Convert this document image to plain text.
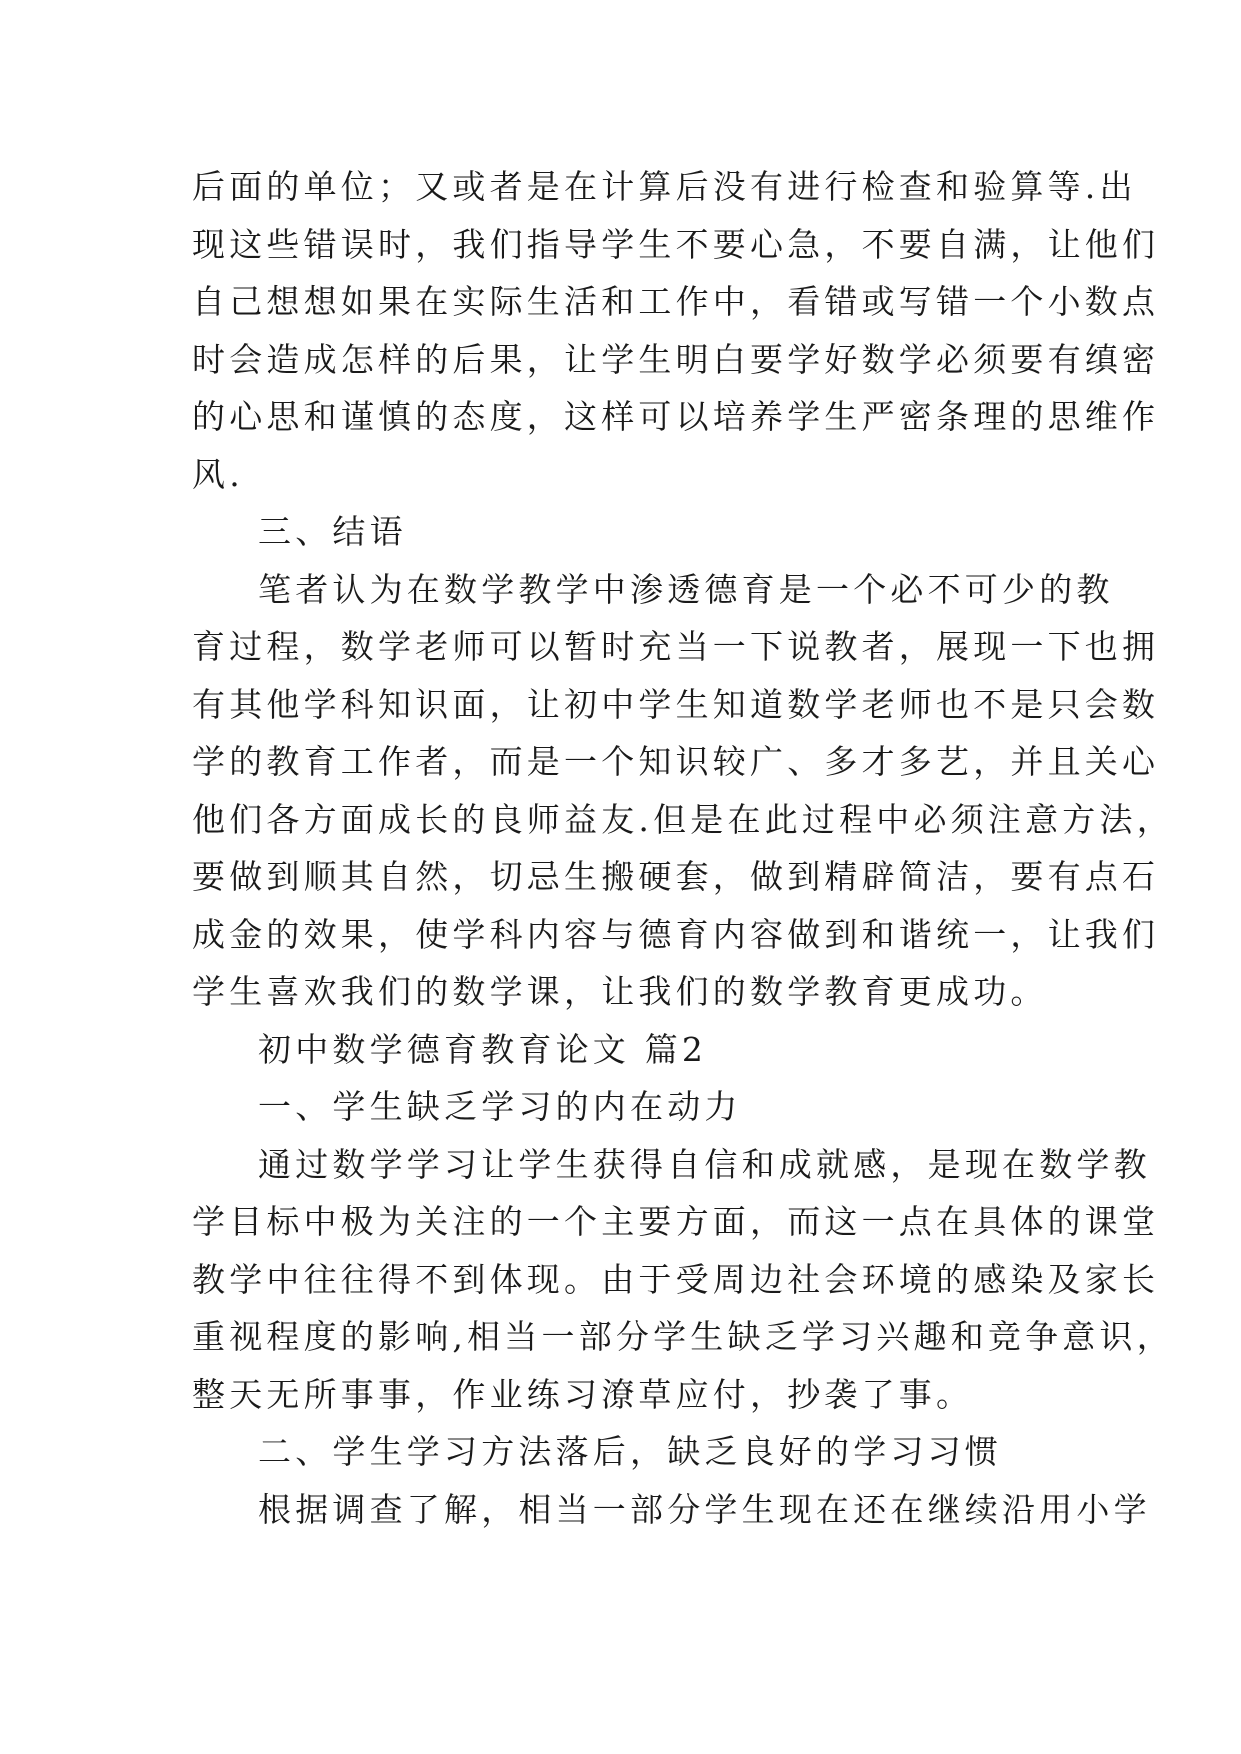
后面的单位；又或者是在计算后没有进行检查和验算等.出
现这些错误时，我们指导学生不要心急，不要自满，让他们
自己想想如果在实际生活和工作中，看错或写错一个小数点
时会造成怎样的后果，让学生明白要学好数学必须要有缜密
的心思和谨慎的态度，这样可以培养学生严密条理的思维作
风.
三、结语
笔者认为在数学教学中渗透德育是一个必不可少的教
育过程，数学老师可以暂时充当一下说教者，展现一下也拥
有其他学科知识面，让初中学生知道数学老师也不是只会数
学的教育工作者，而是一个知识较广、多才多艺，并且关心
他们各方面成长的良师益友.但是在此过程中必须注意方法，
要做到顺其自然，切忌生搬硬套，做到精辟简洁，要有点石
成金的效果，使学科内容与德育内容做到和谐统一，让我们
学生喜欢我们的数学课，让我们的数学教育更成功。
初中数学德育教育论文 篇2
一、学生缺乏学习的内在动力
通过数学学习让学生获得自信和成就感，是现在数学教
学目标中极为关注的一个主要方面，而这一点在具体的课堂
教学中往往得不到体现。由于受周边社会环境的感染及家长
重视程度的影响,相当一部分学生缺乏学习兴趣和竞争意识，
整天无所事事，作业练习潦草应付，抄袭了事。
二、学生学习方法落后，缺乏良好的学习习惯
根据调查了解，相当一部分学生现在还在继续沿用小学
